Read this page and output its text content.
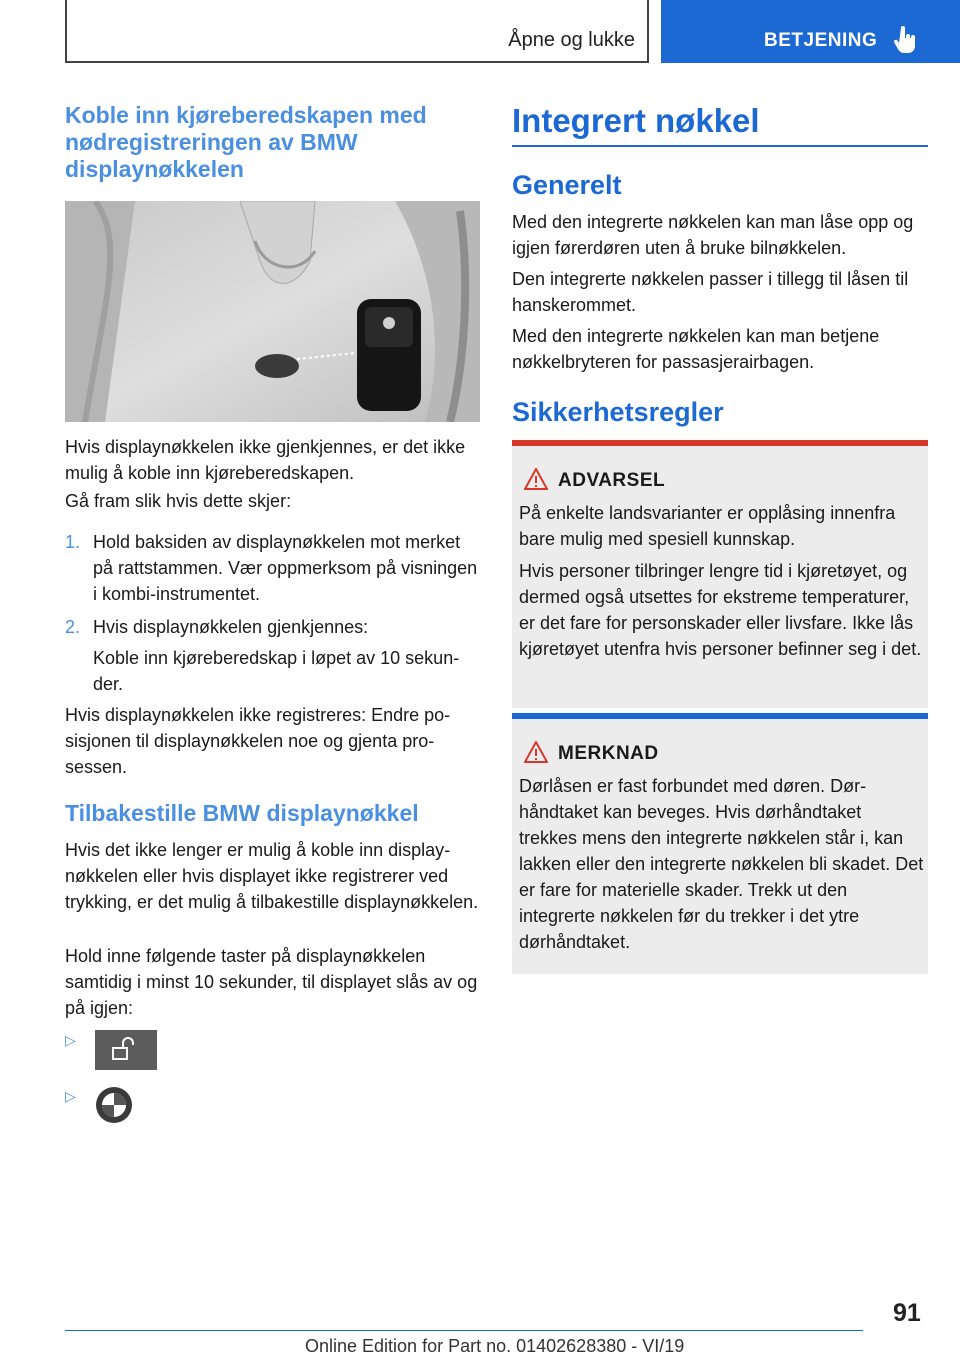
Åpne og lukke	BETJENING
Koble inn kjøreberedskapen med nødregistreringen av BMW displaynøkkelen
Hvis displaynøkkelen ikke gjenkjennes, er det ikke mulig å koble inn kjøreberedskapen.
Gå fram slik hvis dette skjer:
1. Hold baksiden av displaynøkkelen mot merket på rattstammen. Vær oppmerksom på visningen i kombi-instrumentet.
2. Hvis displaynøkkelen gjenkjennes:
Koble inn kjøreberedskap i løpet av 10 sekunder.
Hvis displaynøkkelen ikke registreres: Endre posisjonen til displaynøkkelen noe og gjenta prosessen.
Tilbakestille BMW displaynøkkel
Hvis det ikke lenger er mulig å koble inn displaynøkkelen eller hvis displayet ikke registrerer ved trykking, er det mulig å tilbakestille displaynøkkelen.
Hold inne følgende taster på displaynøkkelen samtidig i minst 10 sekunder, til displayet slås av og på igjen:
▷
▷
Integrert nøkkel
Generelt
Med den integrerte nøkkelen kan man låse opp og igjen førerdøren uten å bruke bilnøkkelen.
Den integrerte nøkkelen passer i tillegg til låsen til hanskerommet.
Med den integrerte nøkkelen kan man betjene nøkkelbryteren for passasjerairbagen.
Sikkerhetsregler
ADVARSEL
På enkelte landsvarianter er opplåsing innenfra bare mulig med spesiell kunnskap.
Hvis personer tilbringer lengre tid i kjøretøyet, og dermed også utsettes for ekstreme temperaturer, er det fare for personskader eller livsfare. Ikke lås kjøretøyet utenfra hvis personer befinner seg i det.
MERKNAD
Dørlåsen er fast forbundet med døren. Dørhåndtaket kan beveges. Hvis dørhåndtaket trekkes mens den integrerte nøkkelen står i, kan lakken eller den integrerte nøkkelen bli skadet. Det er fare for materielle skader. Trekk ut den integrerte nøkkelen før du trekker i det ytre dørhåndtaket.
91
Online Edition for Part no. 01402628380 - VI/19
